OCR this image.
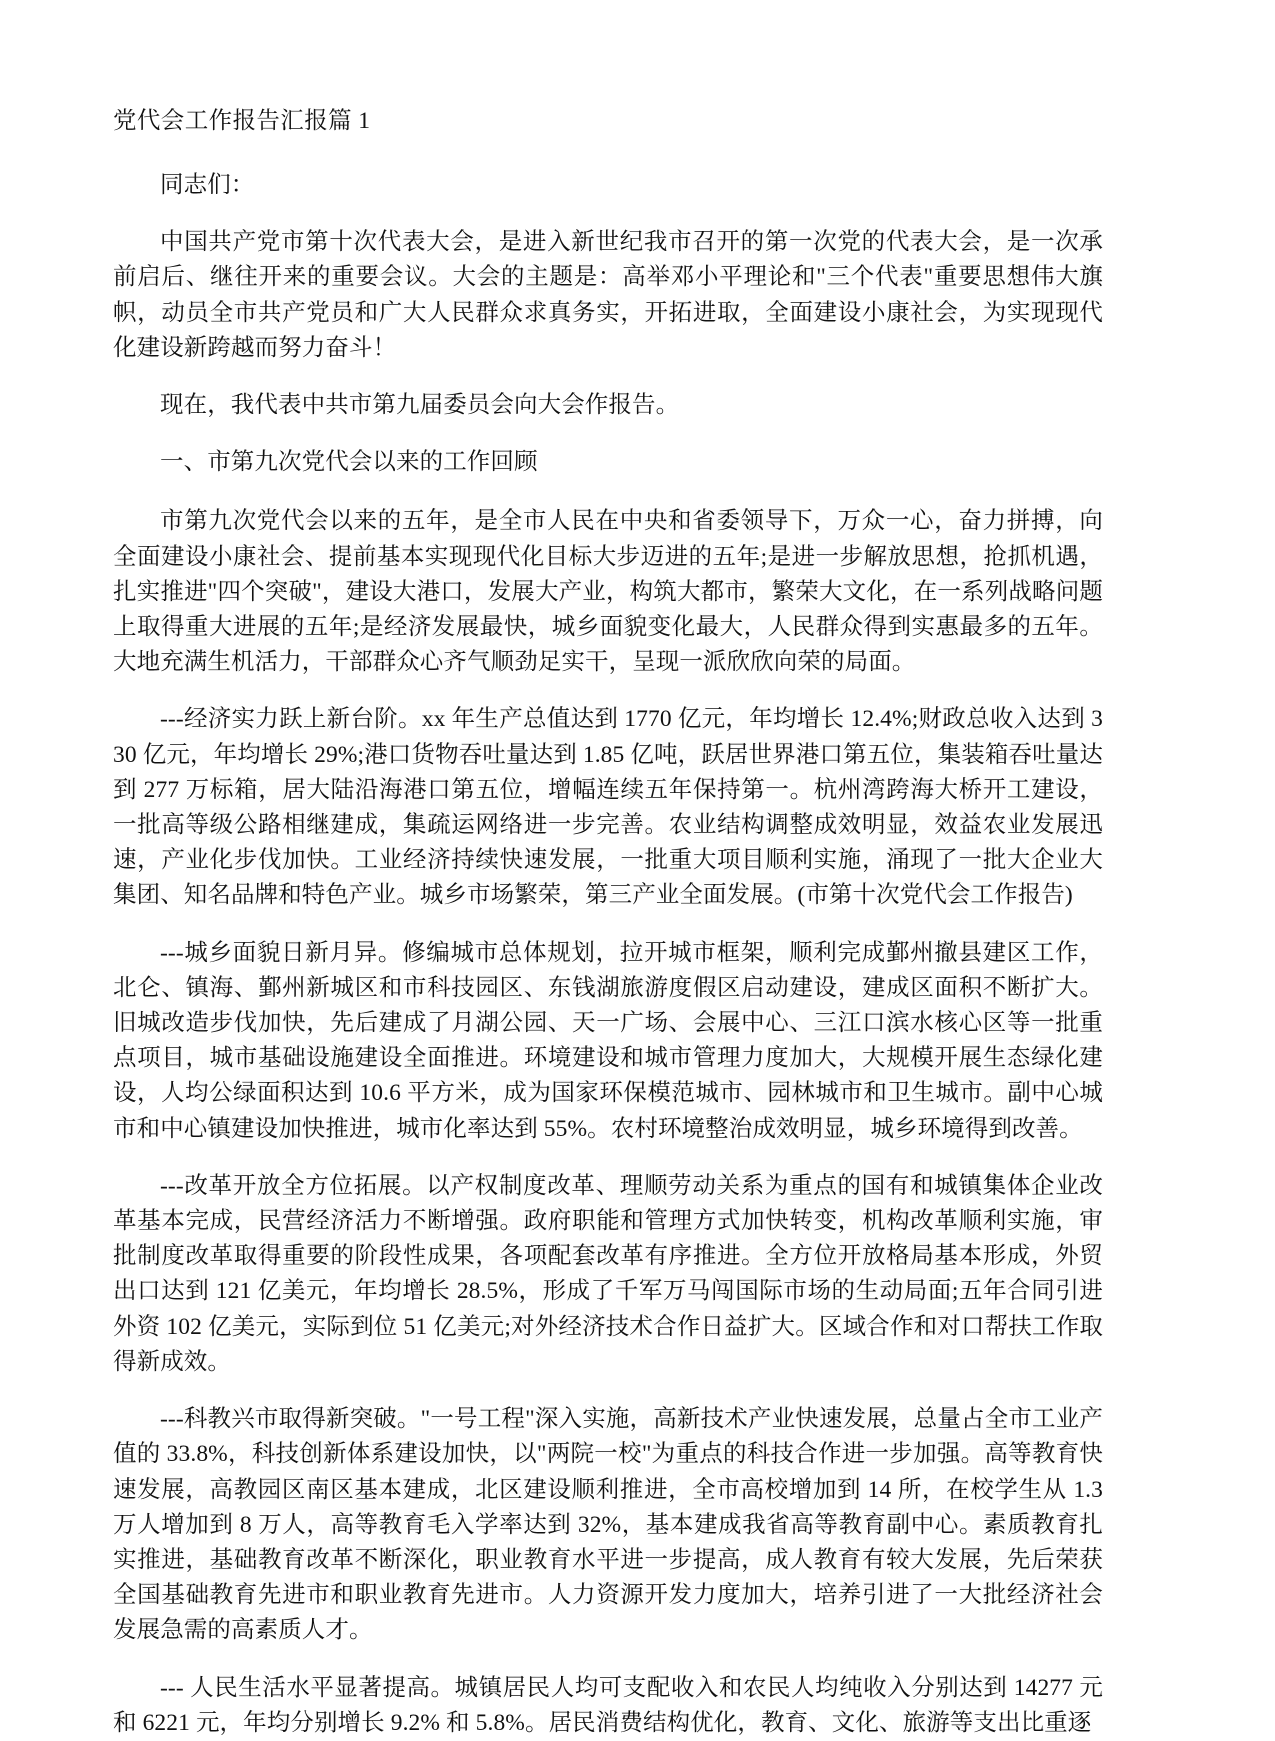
党代会工作报告汇报篇 1

同志们：

中国共产党市第十次代表大会，是进入新世纪我市召开的第一次党的代表大会，是一次承前启后、继往开来的重要会议。大会的主题是：高举邓小平理论和"三个代表"重要思想伟大旗帜，动员全市共产党员和广大人民群众求真务实，开拓进取，全面建设小康社会，为实现现代化建设新跨越而努力奋斗！

现在，我代表中共市第九届委员会向大会作报告。

一、市第九次党代会以来的工作回顾

市第九次党代会以来的五年，是全市人民在中央和省委领导下，万众一心，奋力拼搏，向全面建设小康社会、提前基本实现现代化目标大步迈进的五年;是进一步解放思想，抢抓机遇，扎实推进"四个突破"，建设大港口，发展大产业，构筑大都市，繁荣大文化，在一系列战略问题上取得重大进展的五年;是经济发展最快，城乡面貌变化最大，人民群众得到实惠最多的五年。大地充满生机活力，干部群众心齐气顺劲足实干，呈现一派欣欣向荣的局面。

---经济实力跃上新台阶。xx 年生产总值达到 1770 亿元，年均增长 12.4%;财政总收入达到 330 亿元，年均增长 29%;港口货物吞吐量达到 1.85 亿吨，跃居世界港口第五位，集装箱吞吐量达到 277 万标箱，居大陆沿海港口第五位，增幅连续五年保持第一。杭州湾跨海大桥开工建设，一批高等级公路相继建成，集疏运网络进一步完善。农业结构调整成效明显，效益农业发展迅速，产业化步伐加快。工业经济持续快速发展，一批重大项目顺利实施，涌现了一批大企业大集团、知名品牌和特色产业。城乡市场繁荣，第三产业全面发展。(市第十次党代会工作报告)

---城乡面貌日新月异。修编城市总体规划，拉开城市框架，顺利完成鄞州撤县建区工作，北仑、镇海、鄞州新城区和市科技园区、东钱湖旅游度假区启动建设，建成区面积不断扩大。旧城改造步伐加快，先后建成了月湖公园、天一广场、会展中心、三江口滨水核心区等一批重点项目，城市基础设施建设全面推进。环境建设和城市管理力度加大，大规模开展生态绿化建设，人均公绿面积达到 10.6 平方米，成为国家环保模范城市、园林城市和卫生城市。副中心城市和中心镇建设加快推进，城市化率达到 55%。农村环境整治成效明显，城乡环境得到改善。

---改革开放全方位拓展。以产权制度改革、理顺劳动关系为重点的国有和城镇集体企业改革基本完成，民营经济活力不断增强。政府职能和管理方式加快转变，机构改革顺利实施，审批制度改革取得重要的阶段性成果，各项配套改革有序推进。全方位开放格局基本形成，外贸出口达到 121 亿美元，年均增长 28.5%，形成了千军万马闯国际市场的生动局面;五年合同引进外资 102 亿美元，实际到位 51 亿美元;对外经济技术合作日益扩大。区域合作和对口帮扶工作取得新成效。

---科教兴市取得新突破。"一号工程"深入实施，高新技术产业快速发展，总量占全市工业产值的 33.8%，科技创新体系建设加快，以"两院一校"为重点的科技合作进一步加强。高等教育快速发展，高教园区南区基本建成，北区建设顺利推进，全市高校增加到 14 所，在校学生从 1.3 万人增加到 8 万人，高等教育毛入学率达到 32%，基本建成我省高等教育副中心。素质教育扎实推进，基础教育改革不断深化，职业教育水平进一步提高，成人教育有较大发展，先后荣获全国基础教育先进市和职业教育先进市。人力资源开发力度加大，培养引进了一大批经济社会发展急需的高素质人才。

--- 人民生活水平显著提高。城镇居民人均可支配收入和农民人均纯收入分别达到 14277 元和 6221 元，年均分别增长 9.2% 和 5.8%。居民消费结构优化，教育、文化、旅游等支出比重逐
